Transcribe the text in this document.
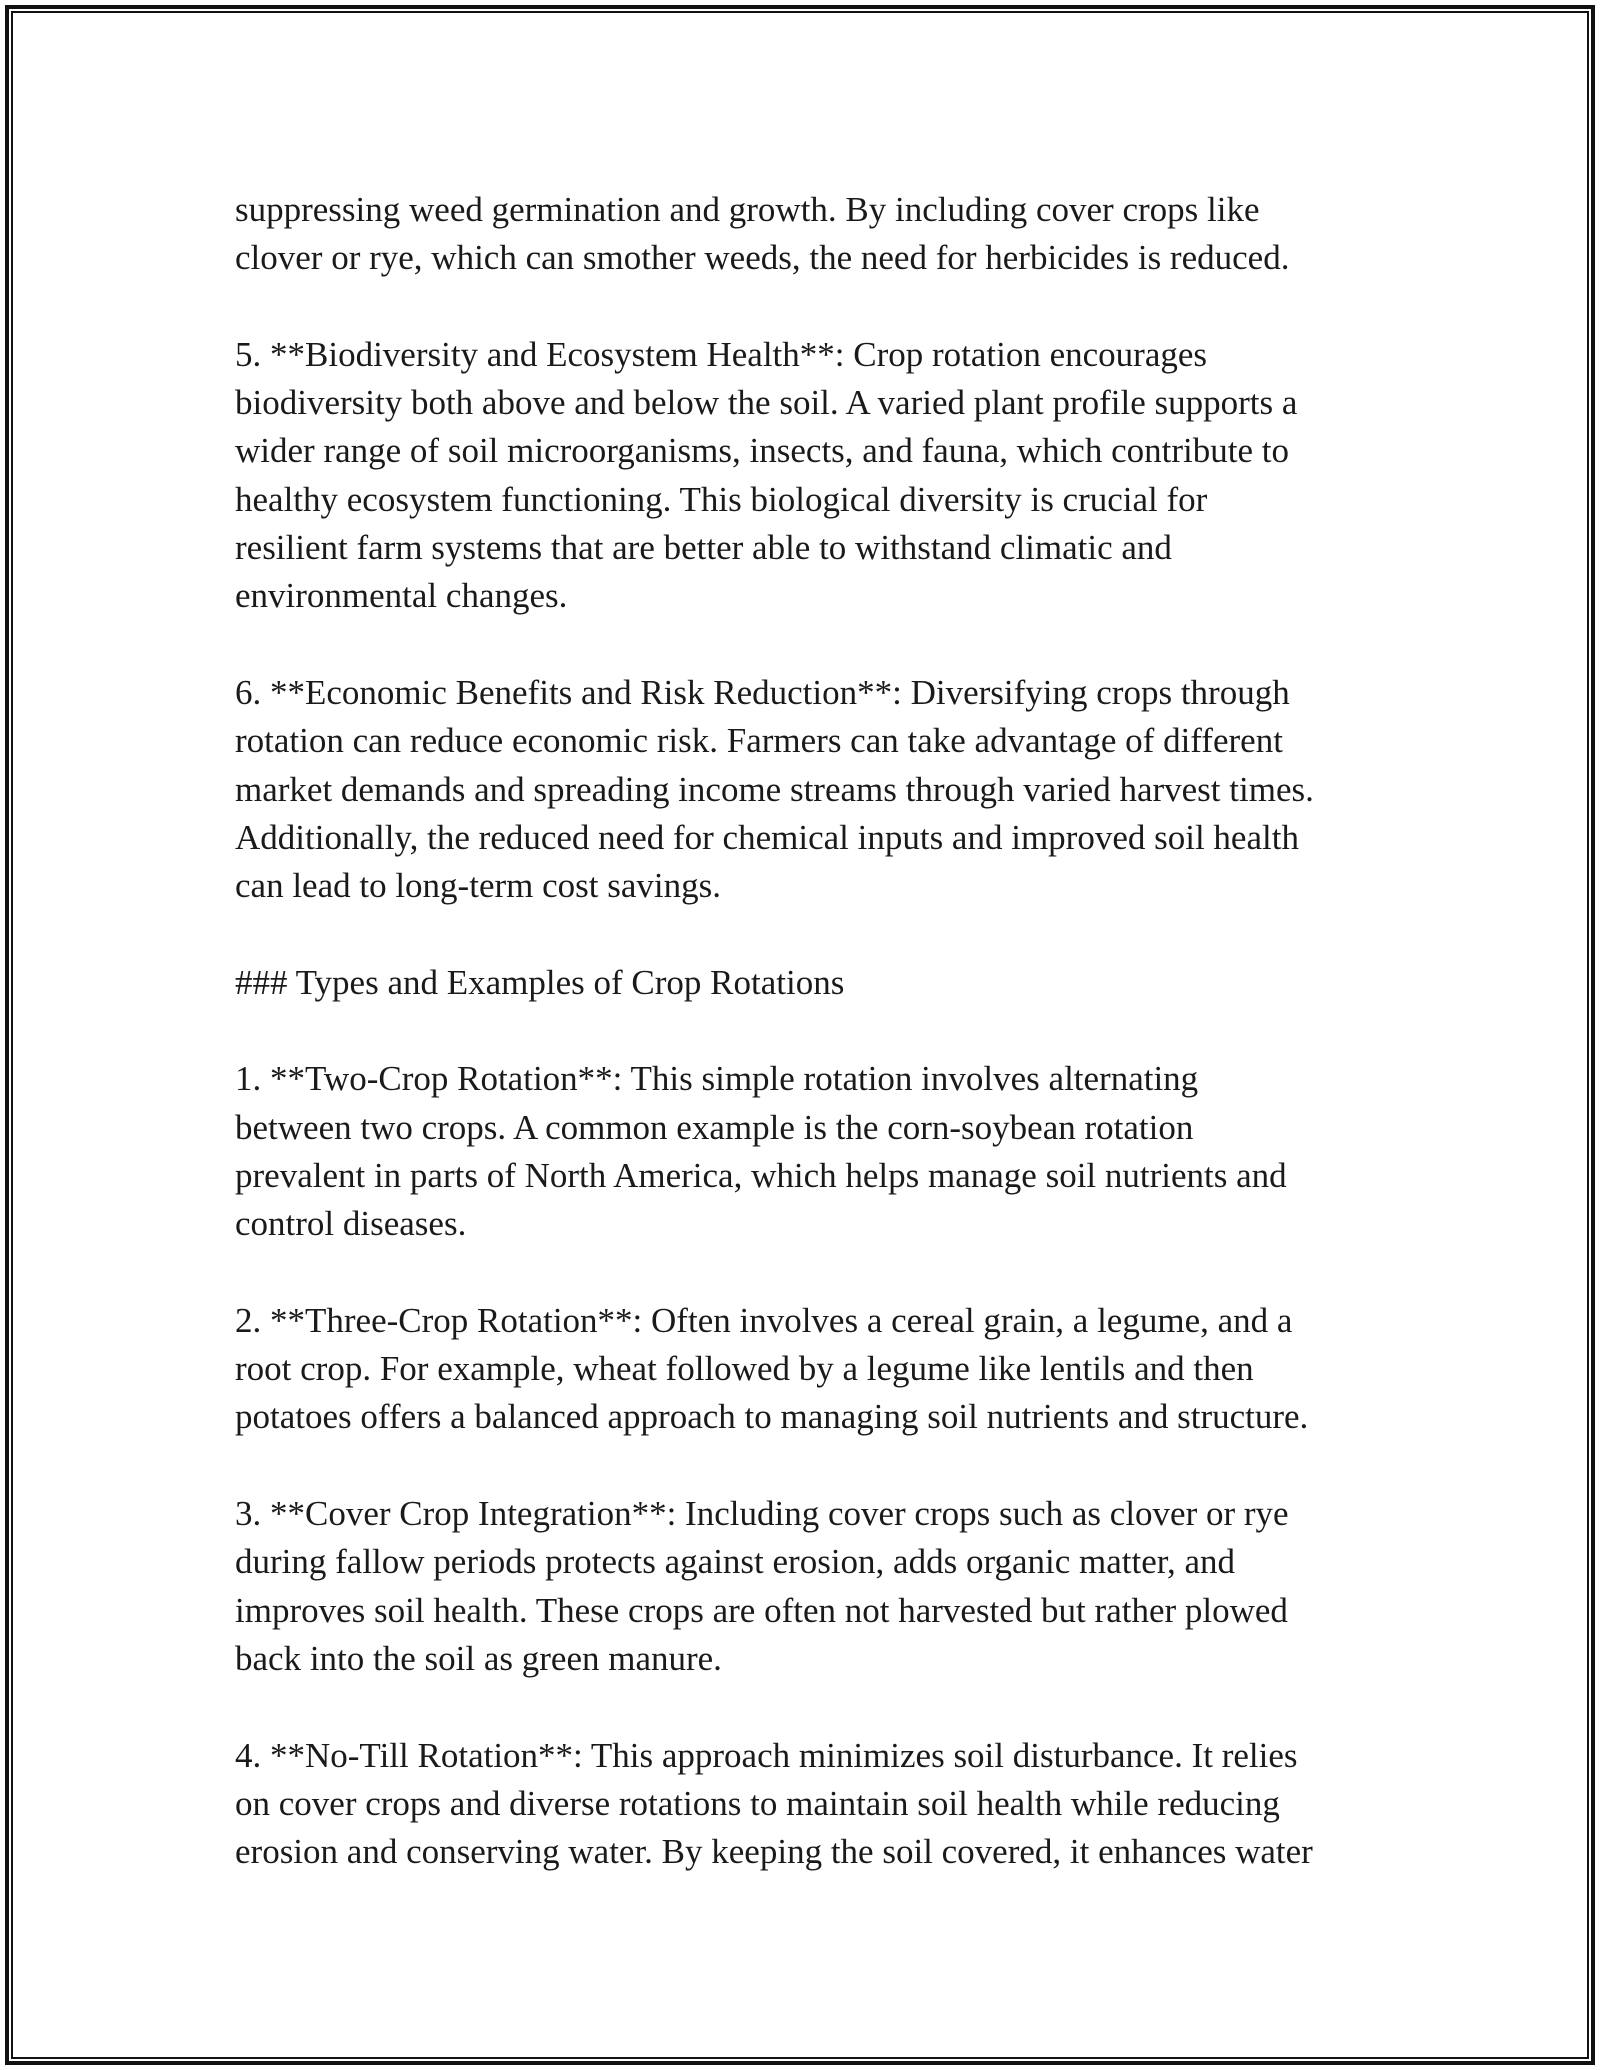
suppressing weed germination and growth. By including cover crops like
clover or rye, which can smother weeds, the need for herbicides is reduced.

5. **Biodiversity and Ecosystem Health**: Crop rotation encourages
biodiversity both above and below the soil. A varied plant profile supports a
wider range of soil microorganisms, insects, and fauna, which contribute to
healthy ecosystem functioning. This biological diversity is crucial for
resilient farm systems that are better able to withstand climatic and
environmental changes.

6. **Economic Benefits and Risk Reduction**: Diversifying crops through
rotation can reduce economic risk. Farmers can take advantage of different
market demands and spreading income streams through varied harvest times.
Additionally, the reduced need for chemical inputs and improved soil health
can lead to long-term cost savings.

### Types and Examples of Crop Rotations

1. **Two-Crop Rotation**: This simple rotation involves alternating
between two crops. A common example is the corn-soybean rotation
prevalent in parts of North America, which helps manage soil nutrients and
control diseases.

2. **Three-Crop Rotation**: Often involves a cereal grain, a legume, and a
root crop. For example, wheat followed by a legume like lentils and then
potatoes offers a balanced approach to managing soil nutrients and structure.

3. **Cover Crop Integration**: Including cover crops such as clover or rye
during fallow periods protects against erosion, adds organic matter, and
improves soil health. These crops are often not harvested but rather plowed
back into the soil as green manure.

4. **No-Till Rotation**: This approach minimizes soil disturbance. It relies
on cover crops and diverse rotations to maintain soil health while reducing
erosion and conserving water. By keeping the soil covered, it enhances water
